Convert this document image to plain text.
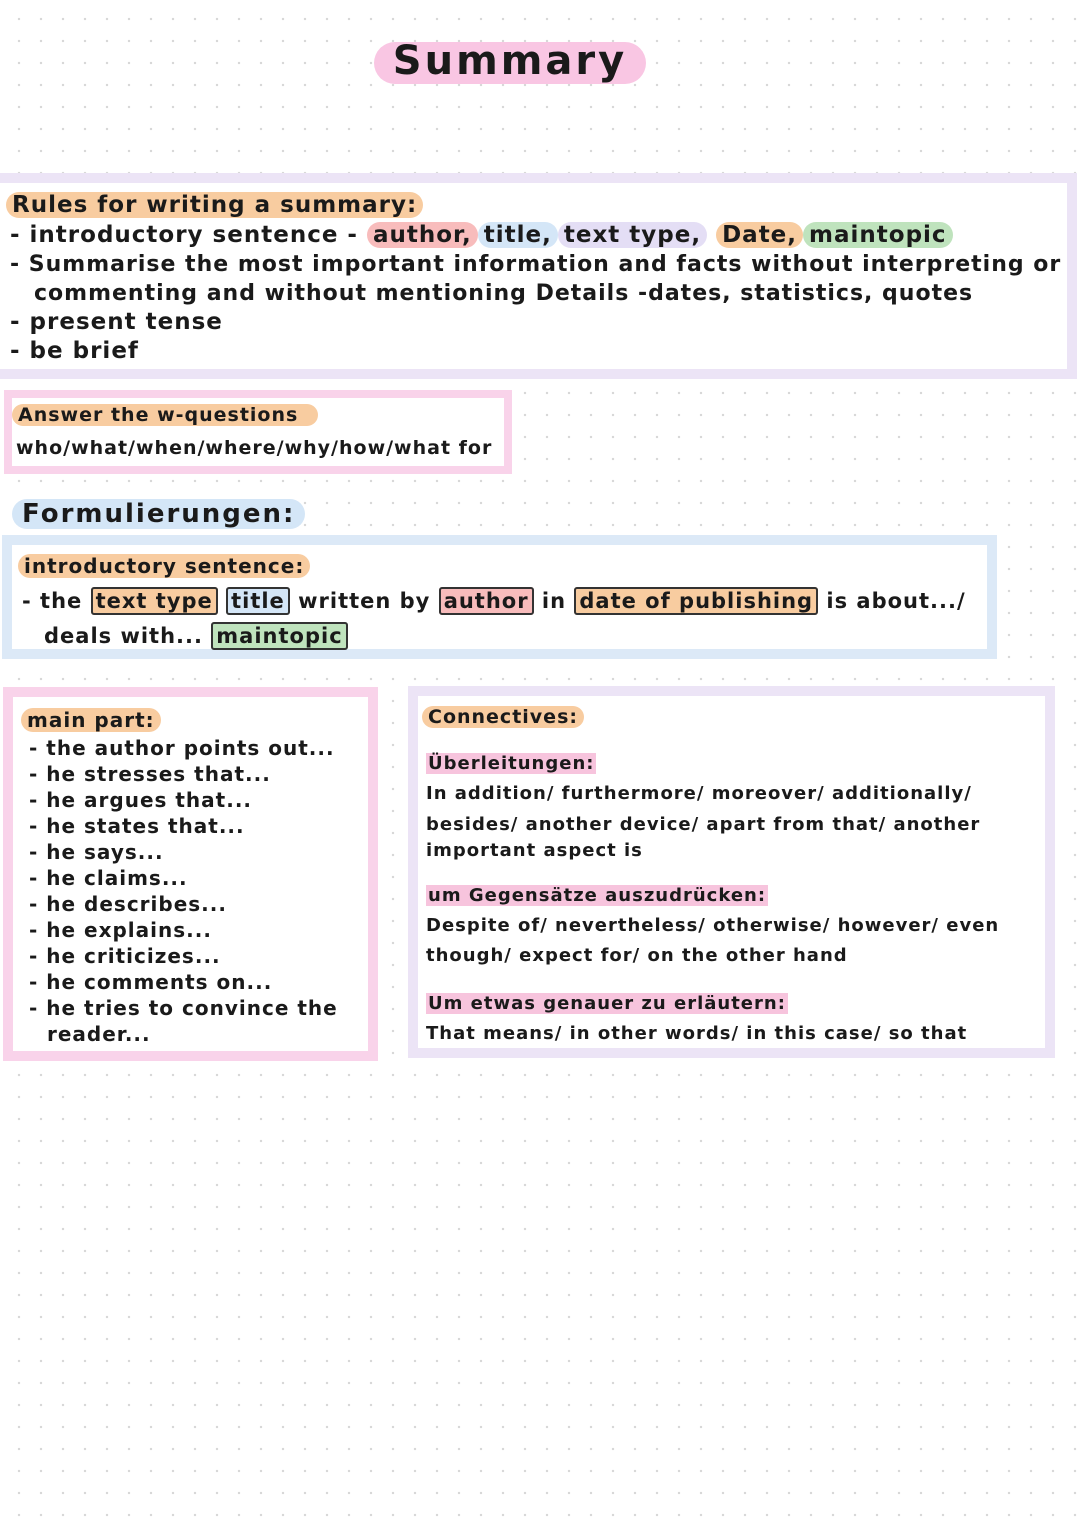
Summary
Rules for writing a summary:
- introductory sentence - author, title, text type, Date, maintopic
- Summarise the most important information and facts without interpreting or
commenting and without mentioning Details -dates, statistics, quotes
- present tense
- be brief
Answer the w-questions
who/what/when/where/why/how/what for
Formulierungen:
introductory sentence:
- the text type title written by author in date of publishing is about.../
deals with... maintopic
main part:
- the author points out...
- he stresses that...
- he argues that...
- he states that...
- he says...
- he claims...
- he describes...
- he explains...
- he criticizes...
- he comments on...
- he tries to convince the
reader...
Connectives:
Überleitungen:
In addition/ furthermore/ moreover/ additionally/
besides/ another device/ apart from that/ another
important aspect is
um Gegensätze auszudrücken:
Despite of/ nevertheless/ otherwise/ however/ even
though/ expect for/ on the other hand
Um etwas genauer zu erläutern:
That means/ in other words/ in this case/ so that
